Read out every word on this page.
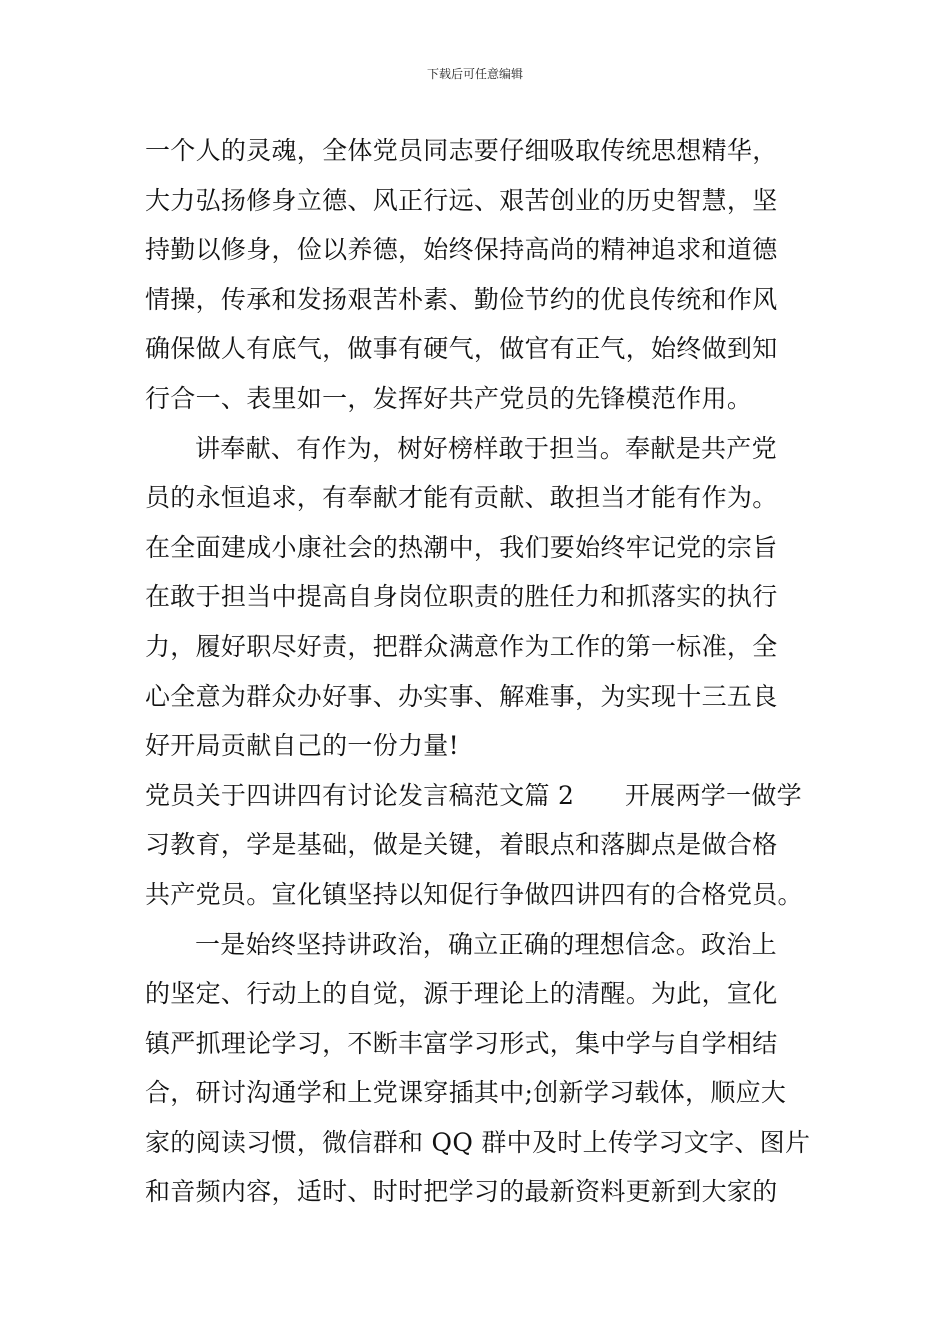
下载后可任意编辑
一个人的灵魂，全体党员同志要仔细吸取传统思想精华，
大力弘扬修身立德、风正行远、艰苦创业的历史智慧，坚
持勤以修身，俭以养德，始终保持高尚的精神追求和道德
情操，传承和发扬艰苦朴素、勤俭节约的优良传统和作风
确保做人有底气，做事有硬气，做官有正气，始终做到知
行合一、表里如一，发挥好共产党员的先锋模范作用。
讲奉献、有作为，树好榜样敢于担当。奉献是共产党
员的永恒追求，有奉献才能有贡献、敢担当才能有作为。
在全面建成小康社会的热潮中，我们要始终牢记党的宗旨
在敢于担当中提高自身岗位职责的胜任力和抓落实的执行
力，履好职尽好责，把群众满意作为工作的第一标准，全
心全意为群众办好事、办实事、解难事，为实现十三五良
好开局贡献自己的一份力量!
党员关于四讲四有讨论发言稿范文篇 2　　开展两学一做学
习教育，学是基础，做是关键，着眼点和落脚点是做合格
共产党员。宣化镇坚持以知促行争做四讲四有的合格党员。
一是始终坚持讲政治，确立正确的理想信念。政治上
的坚定、行动上的自觉，源于理论上的清醒。为此，宣化
镇严抓理论学习，不断丰富学习形式，集中学与自学相结
合，研讨沟通学和上党课穿插其中;创新学习载体，顺应大
家的阅读习惯，微信群和 QQ 群中及时上传学习文字、图片
和音频内容，适时、时时把学习的最新资料更新到大家的
